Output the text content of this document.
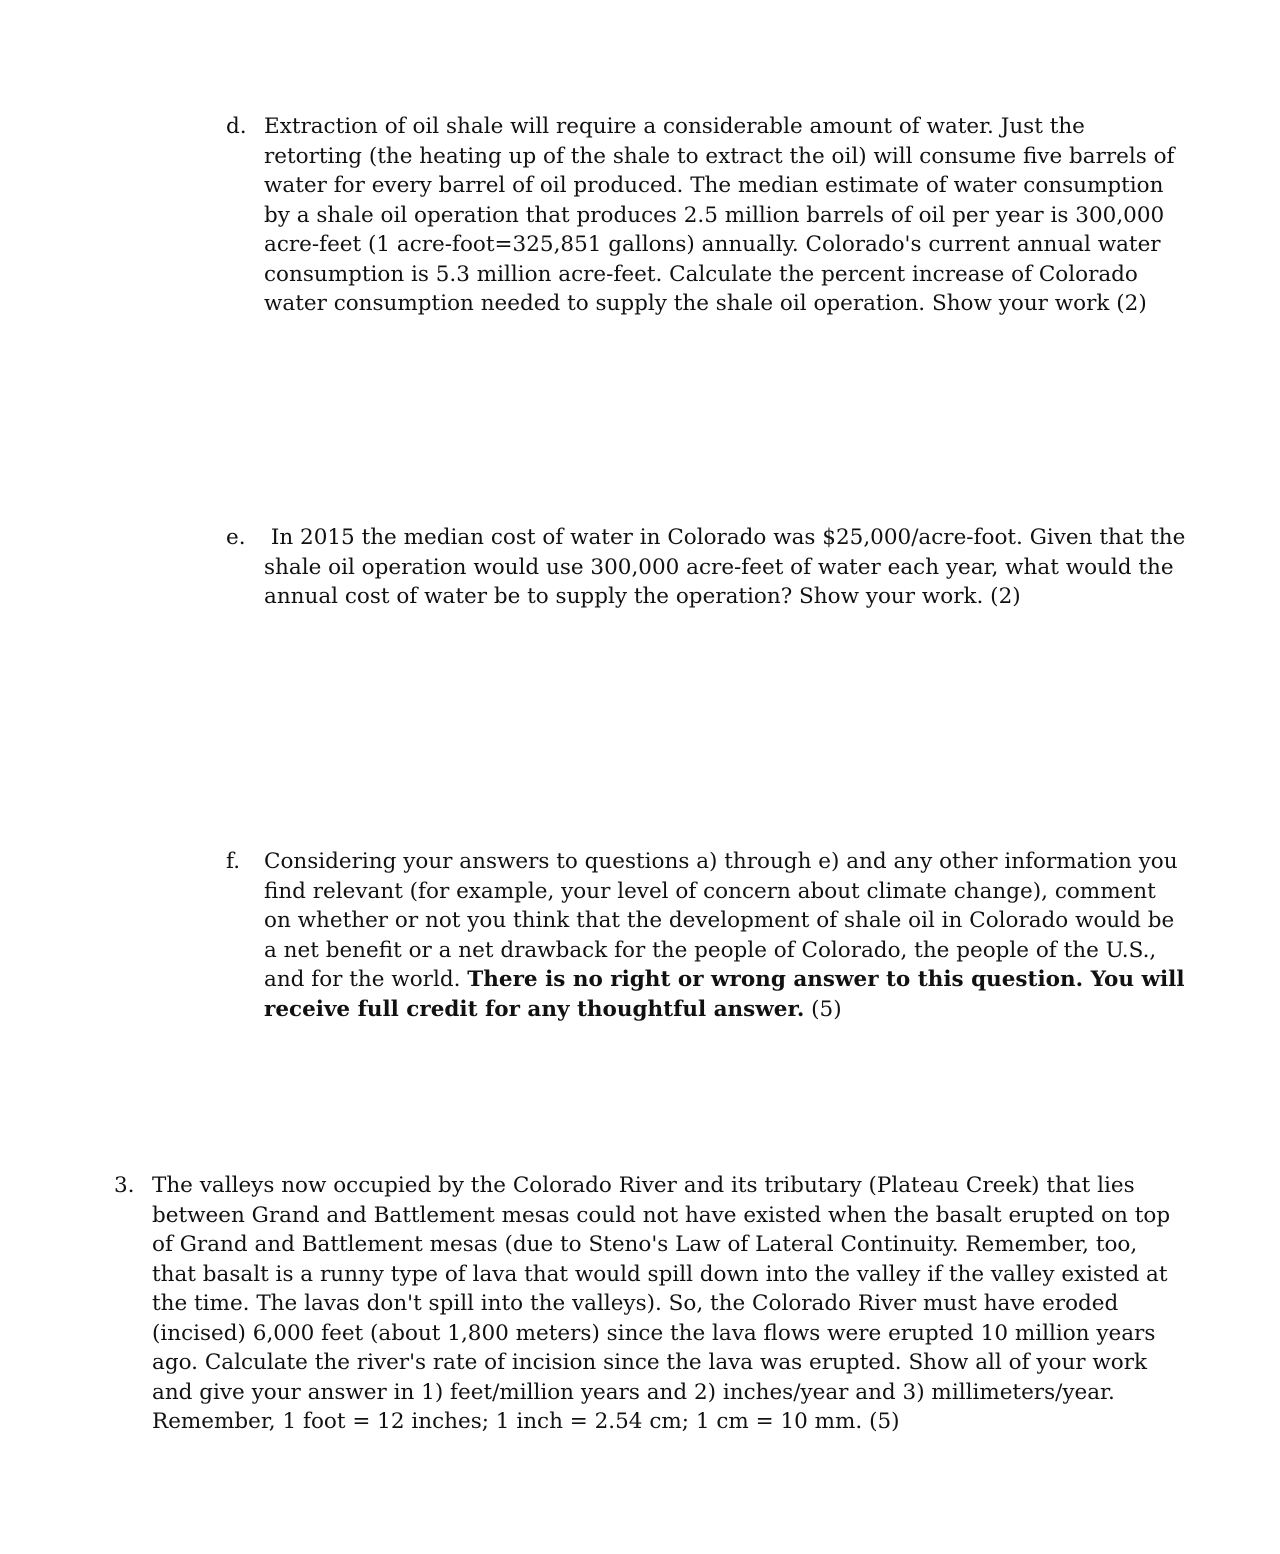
d. Extraction of oil shale will require a considerable amount of water. Just the retorting (the heating up of the shale to extract the oil) will consume five barrels of water for every barrel of oil produced. The median estimate of water consumption by a shale oil operation that produces 2.5 million barrels of oil per year is 300,000 acre-feet (1 acre-foot=325,851 gallons) annually. Colorado's current annual water consumption is 5.3 million acre-feet. Calculate the percent increase of Colorado water consumption needed to supply the shale oil operation. Show your work (2)

e. In 2015 the median cost of water in Colorado was $25,000/acre-foot. Given that the shale oil operation would use 300,000 acre-feet of water each year, what would the annual cost of water be to supply the operation? Show your work. (2)

f. Considering your answers to questions a) through e) and any other information you find relevant (for example, your level of concern about climate change), comment on whether or not you think that the development of shale oil in Colorado would be a net benefit or a net drawback for the people of Colorado, the people of the U.S., and for the world. There is no right or wrong answer to this question. You will receive full credit for any thoughtful answer. (5)

3. The valleys now occupied by the Colorado River and its tributary (Plateau Creek) that lies between Grand and Battlement mesas could not have existed when the basalt erupted on top of Grand and Battlement mesas (due to Steno's Law of Lateral Continuity. Remember, too, that basalt is a runny type of lava that would spill down into the valley if the valley existed at the time. The lavas don't spill into the valleys). So, the Colorado River must have eroded (incised) 6,000 feet (about 1,800 meters) since the lava flows were erupted 10 million years ago. Calculate the river's rate of incision since the lava was erupted. Show all of your work and give your answer in 1) feet/million years and 2) inches/year and 3) millimeters/year. Remember, 1 foot = 12 inches; 1 inch = 2.54 cm; 1 cm = 10 mm. (5)
